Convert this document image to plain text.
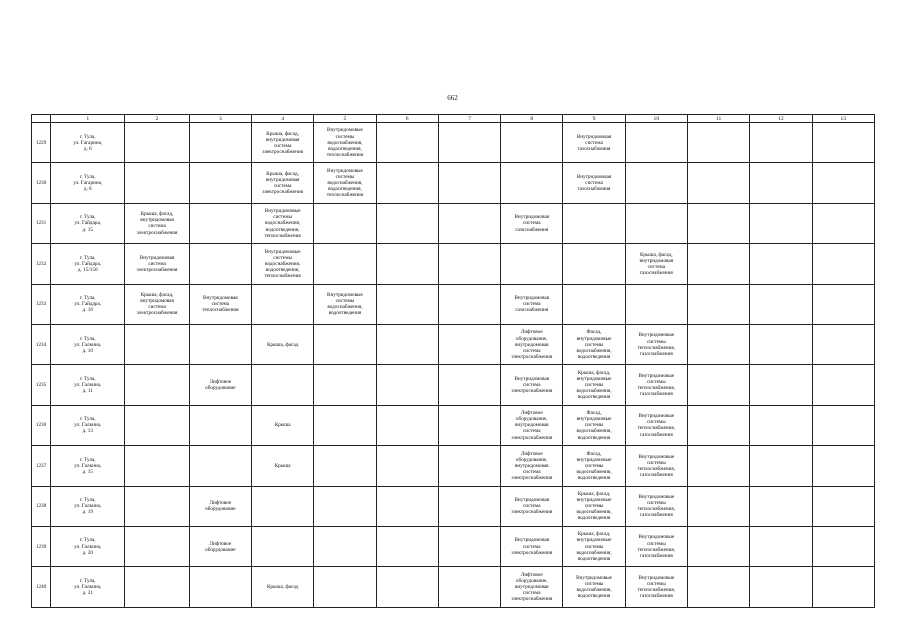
662
	1	2	3	4	5	6	7	8	9	10	11	12	13
1229	г. Тула,
ул. Гагарина,
д. 6			Крыша, фасад,
внутридомовая
система
электроснабжения	Внутридомовые
системы
водоснабжения,
водоотведения,
теплоснабжения				Внутридомовая
система
газоснабжения				

1230	г. Тула,
ул. Гагарина,
д. 8			Крыша, фасад,
внутридомовая
система
электроснабжения	Внутридомовые
системы
водоснабжения,
водоотведения,
теплоснабжения				Внутридомовая
система
газоснабжения				

1231	г. Тула,
ул. Гайдара,
д. 15	Крыша, фасад,
внутридомовая
система
электроснабжения		Внутридомовые
системы
водоснабжения,
водоотведения,
теплоснабжения				Внутридомовая
система
газоснабжения					

1232	г. Тула,
ул. Гайдара,
д. 15/150	Внутридомовая
система
электроснабжения		Внутридомовые
системы
водоснабжения,
водоотведения,
теплоснабжения						Крыша, фасад,
внутридомовая
система
газоснабжения			

1233	г. Тула,
ул. Гайдара,
д. 16	Крыша, фасад,
внутридомовая
система
электроснабжения	Внутридомовая
система
теплоснабжения		Внутридомовые
системы
водоснабжения,
водоотведения			Внутридомовая
система
газоснабжения					

1234	г. Тула,
ул. Галкина,
д. 10			Крыша, фасад				Лифтовое
оборудование,
внутридомовая
система
электроснабжения	Фасад,
внутридомовые
системы
водоснабжения,
водоотведения	Внутридомовые
системы
теплоснабжения,
газоснабжения			

1235	г. Тула,
ул. Галкина,
д. 11		Лифтовое
оборудование					Внутридомовая
система
электроснабжения	Крыша, фасад,
внутридомовые
системы
водоснабжения,
водоотведения	Внутридомовые
системы
теплоснабжения,
газоснабжения			

1236	г. Тула,
ул. Галкина,
д. 13			Крыша				Лифтовое
оборудование,
внутридомовая
система
электроснабжения	Фасад,
внутридомовые
системы
водоснабжения,
водоотведения	Внутридомовые
системы
теплоснабжения,
газоснабжения			

1237	г. Тула,
ул. Галкина,
д. 15			Крыша				Лифтовое
оборудование,
внутридомовая
система
электроснабжения	Фасад,
внутридомовые
системы
водоснабжения,
водоотведения	Внутридомовые
системы
теплоснабжения,
газоснабжения			

1238	г. Тула,
ул. Галкина,
д. 19		Лифтовое
оборудование					Внутридомовая
система
электроснабжения	Крыша, фасад,
внутридомовые
системы
водоснабжения,
водоотведения	Внутридомовые
системы
теплоснабжения,
газоснабжения			

1239	г. Тула,
ул. Галкина,
д. 20		Лифтовое
оборудование					Внутридомовая
система
электроснабжения	Крыша, фасад,
внутридомовые
системы
водоснабжения,
водоотведения	Внутридомовые
системы
теплоснабжения,
газоснабжения			

1240	г. Тула,
ул. Галкина,
д. 21			Крыша, фасад				Лифтовое
оборудование,
внутридомовая
система
электроснабжения	Внутридомовые
системы
водоснабжения,
водоотведения	Внутридомовые
системы
теплоснабжения,
газоснабжения			
